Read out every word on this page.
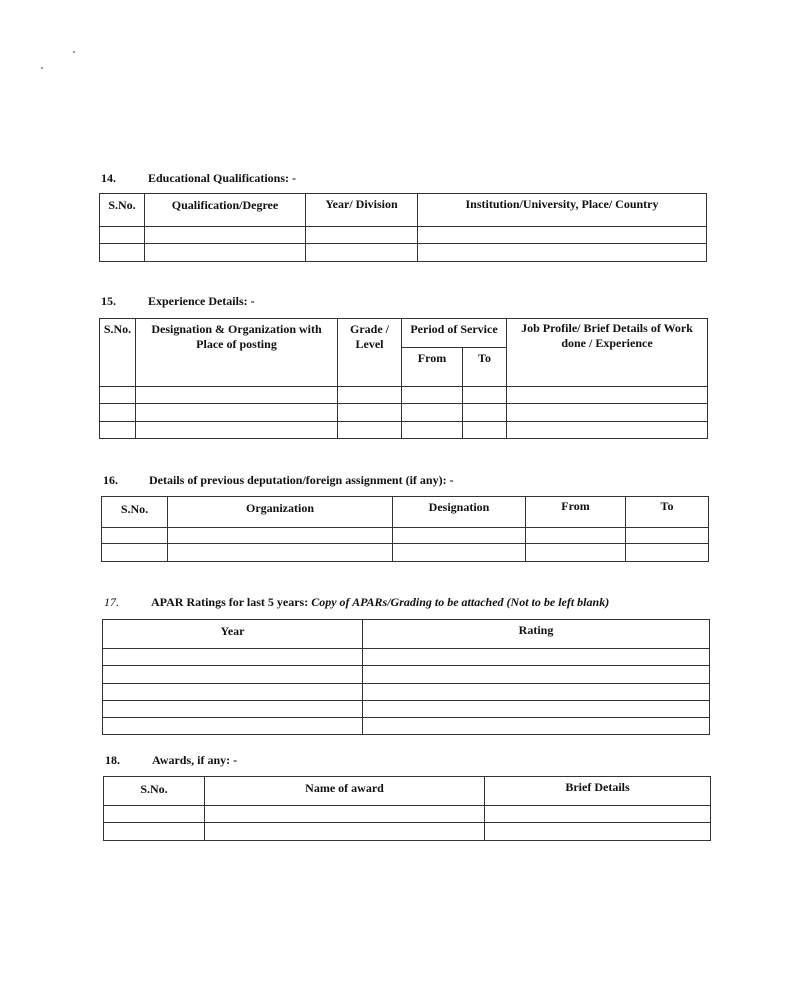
14.	Educational Qualifications: -
S.No.	Qualification/Degree	Year/ Division	Institution/University, Place/ Country

15.	Experience Details: -
S.No.	Designation & Organization with Place of posting	Grade / Level	Period of Service		Job Profile/ Brief Details of Work done / Experience
			From	To	

16.	Details of previous deputation/foreign assignment (if any): -
S.No.	Organization	Designation	From	To

17.	APAR Ratings for last 5 years: Copy of APARs/Grading to be attached (Not to be left blank)
Year	Rating

18.	Awards, if any: -
S.No.	Name of award	Brief Details
